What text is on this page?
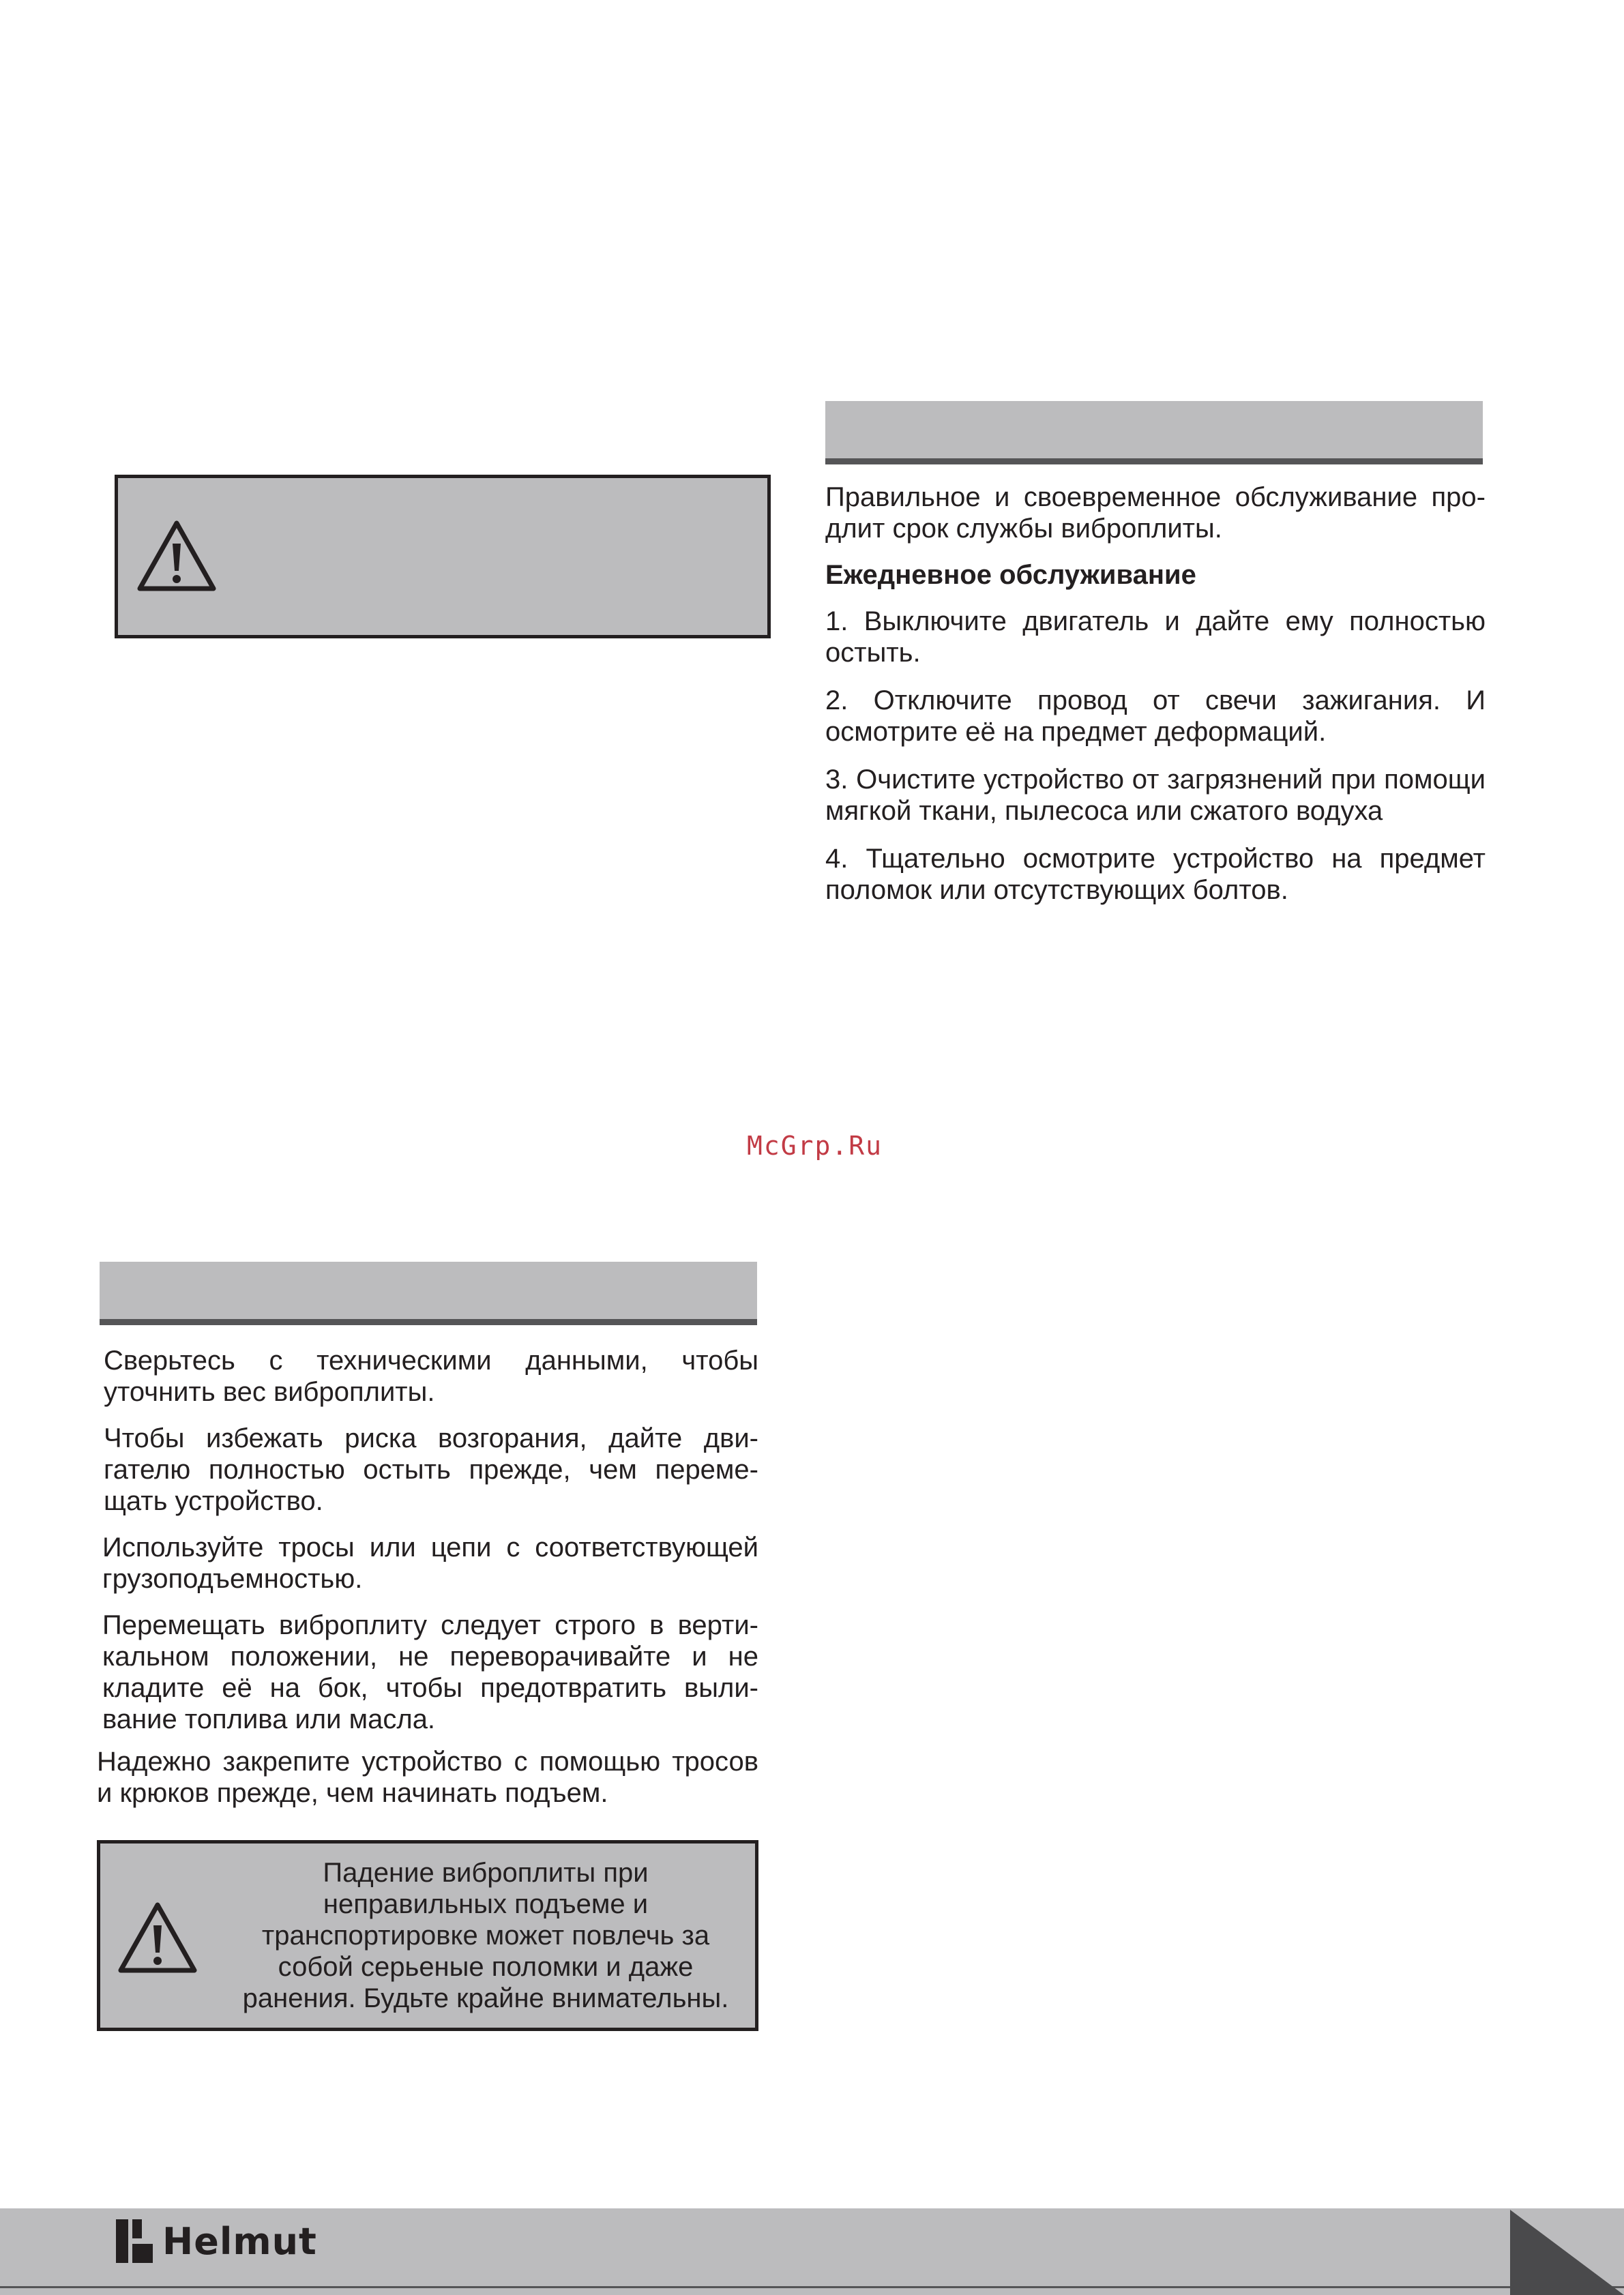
Правильное и своевременное обслуживание про-длит срок службы виброплиты.
Ежедневное обслуживание
1. Выключите двигатель и дайте ему полностью остыть.
2. Отключите провод от свечи зажигания. И осмотрите её на предмет деформаций.
3. Очистите устройство от загрязнений при помощи мягкой ткани, пылесоса или сжатого водуха
4. Тщательно осмотрите устройство на предмет поломок или отсутствующих болтов.
McGrp.Ru
Сверьтесь с техническими данными, чтобы уточнить вес виброплиты.
Чтобы избежать риска возгорания, дайте дви-гателю полностью остыть прежде, чем переме-щать устройство.
Используйте тросы или цепи с соответствующей грузоподъемностью.
Перемещать виброплиту следует строго в верти-кальном положении, не переворачивайте и не кладите её на бок, чтобы предотвратить выли-вание топлива или масла.
Надежно закрепите устройство с помощью тросов и крюков прежде, чем начинать подъем.
Падение виброплиты при
неправильных подъеме и
транспортировке может повлечь за
собой серьеные поломки и даже
ранения. Будьте крайне внимательны.
Helmut
